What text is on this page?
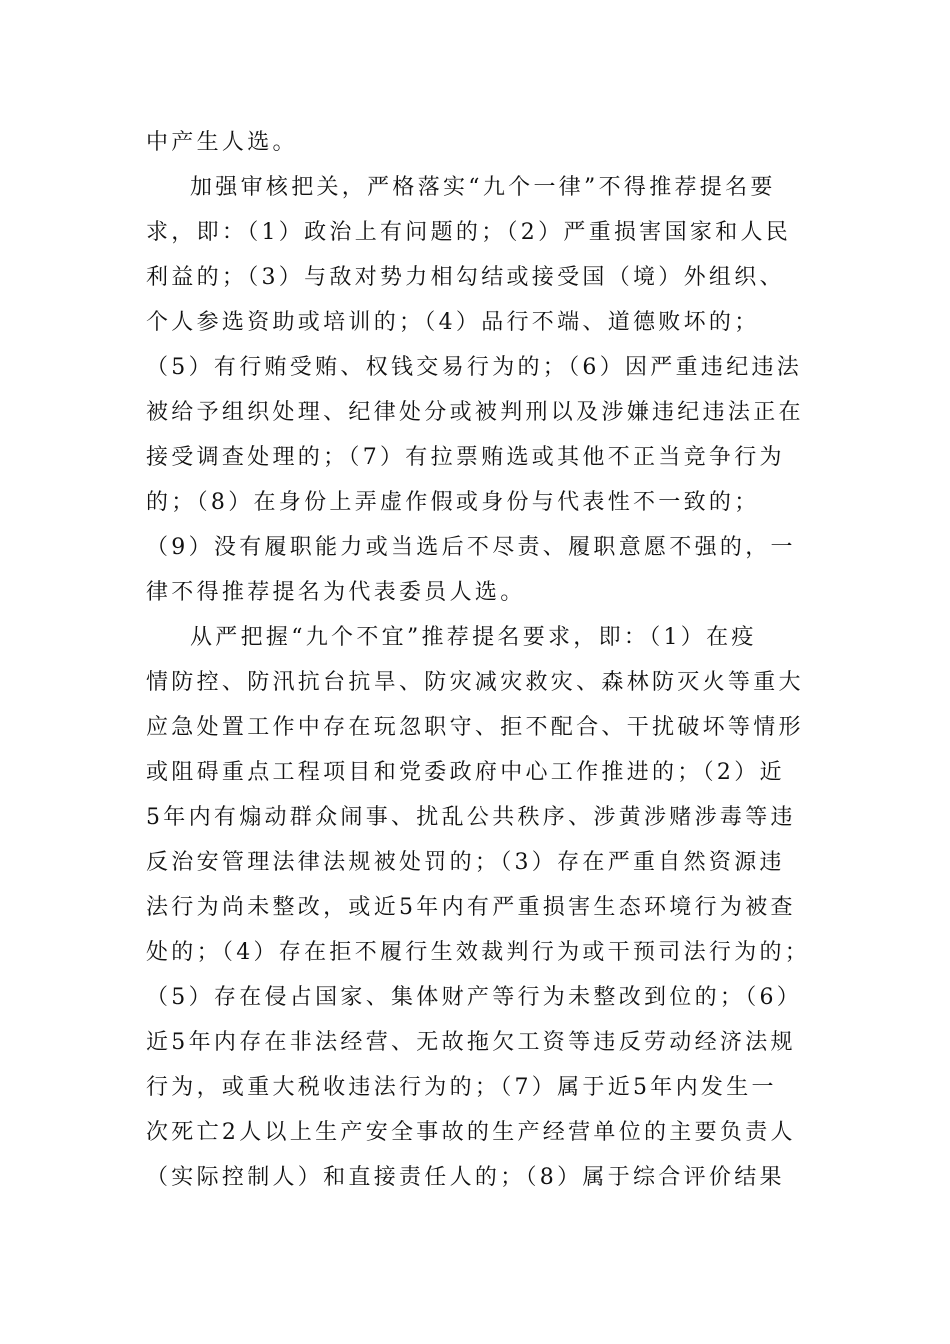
中产生人选。
加强审核把关，严格落实“九个一律”不得推荐提名要
求，即：（1）政治上有问题的；（2）严重损害国家和人民
利益的；（3）与敌对势力相勾结或接受国（境）外组织、
个人参选资助或培训的；（4）品行不端、道德败坏的；
（5）有行贿受贿、权钱交易行为的；（6）因严重违纪违法
被给予组织处理、纪律处分或被判刑以及涉嫌违纪违法正在
接受调查处理的；（7）有拉票贿选或其他不正当竞争行为
的；（8）在身份上弄虚作假或身份与代表性不一致的；
（9）没有履职能力或当选后不尽责、履职意愿不强的，一
律不得推荐提名为代表委员人选。
从严把握“九个不宜”推荐提名要求，即：（1）在疫
情防控、防汛抗台抗旱、防灾减灾救灾、森林防灭火等重大
应急处置工作中存在玩忽职守、拒不配合、干扰破坏等情形
或阻碍重点工程项目和党委政府中心工作推进的；（2）近
5年内有煽动群众闹事、扰乱公共秩序、涉黄涉赌涉毒等违
反治安管理法律法规被处罚的；（3）存在严重自然资源违
法行为尚未整改，或近5年内有严重损害生态环境行为被查
处的；（4）存在拒不履行生效裁判行为或干预司法行为的；
（5）存在侵占国家、集体财产等行为未整改到位的；（6）
近5年内存在非法经营、无故拖欠工资等违反劳动经济法规
行为，或重大税收违法行为的；（7）属于近5年内发生一
次死亡2人以上生产安全事故的生产经营单位的主要负责人
（实际控制人）和直接责任人的；（8）属于综合评价结果
